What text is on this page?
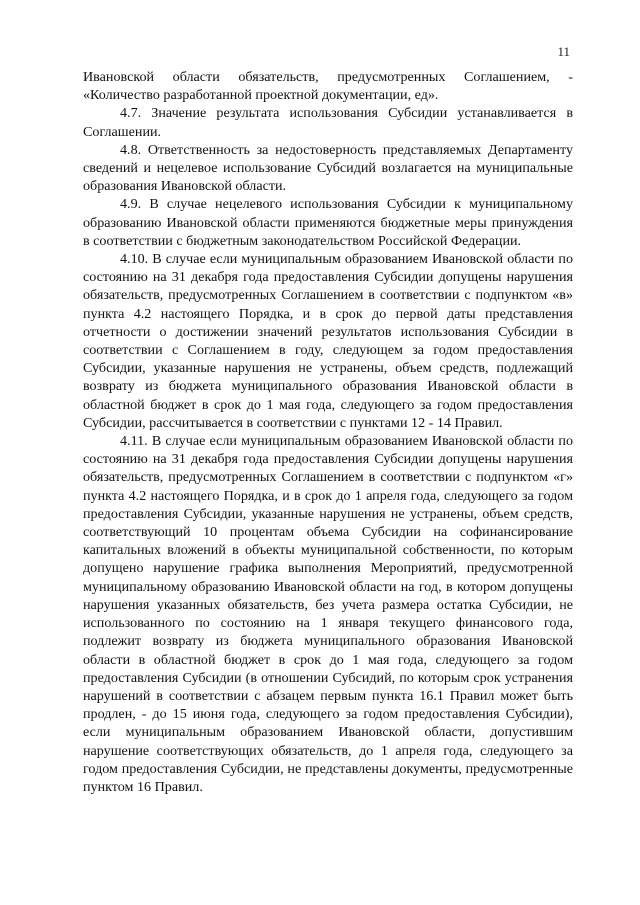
11

Ивановской области обязательств, предусмотренных Соглашением, - «Количество разработанной проектной документации, ед».

4.7. Значение результата использования Субсидии устанавливается в Соглашении.

4.8. Ответственность за недостоверность представляемых Департаменту сведений и нецелевое использование Субсидий возлагается на муниципальные образования Ивановской области.

4.9. В случае нецелевого использования Субсидии к муниципальному образованию Ивановской области применяются бюджетные меры принуждения в соответствии с бюджетным законодательством Российской Федерации.

4.10. В случае если муниципальным образованием Ивановской области по состоянию на 31 декабря года предоставления Субсидии допущены нарушения обязательств, предусмотренных Соглашением в соответствии с подпунктом «в» пункта 4.2 настоящего Порядка, и в срок до первой даты представления отчетности о достижении значений результатов использования Субсидии в соответствии с Соглашением в году, следующем за годом предоставления Субсидии, указанные нарушения не устранены, объем средств, подлежащий возврату из бюджета муниципального образования Ивановской области в областной бюджет в срок до 1 мая года, следующего за годом предоставления Субсидии, рассчитывается в соответствии с пунктами 12 - 14 Правил.

4.11. В случае если муниципальным образованием Ивановской области по состоянию на 31 декабря года предоставления Субсидии допущены нарушения обязательств, предусмотренных Соглашением в соответствии с подпунктом «г» пункта 4.2 настоящего Порядка, и в срок до 1 апреля года, следующего за годом предоставления Субсидии, указанные нарушения не устранены, объем средств, соответствующий 10 процентам объема Субсидии на софинансирование капитальных вложений в объекты муниципальной собственности, по которым допущено нарушение графика выполнения Мероприятий, предусмотренной муниципальному образованию Ивановской области на год, в котором допущены нарушения указанных обязательств, без учета размера остатка Субсидии, не использованного по состоянию на 1 января текущего финансового года, подлежит возврату из бюджета муниципального образования Ивановской области в областной бюджет в срок до 1 мая года, следующего за годом предоставления Субсидии (в отношении Субсидий, по которым срок устранения нарушений в соответствии с абзацем первым пункта 16.1 Правил может быть продлен, - до 15 июня года, следующего за годом предоставления Субсидии), если муниципальным образованием Ивановской области, допустившим нарушение соответствующих обязательств, до 1 апреля года, следующего за годом предоставления Субсидии, не представлены документы, предусмотренные пунктом 16 Правил.
